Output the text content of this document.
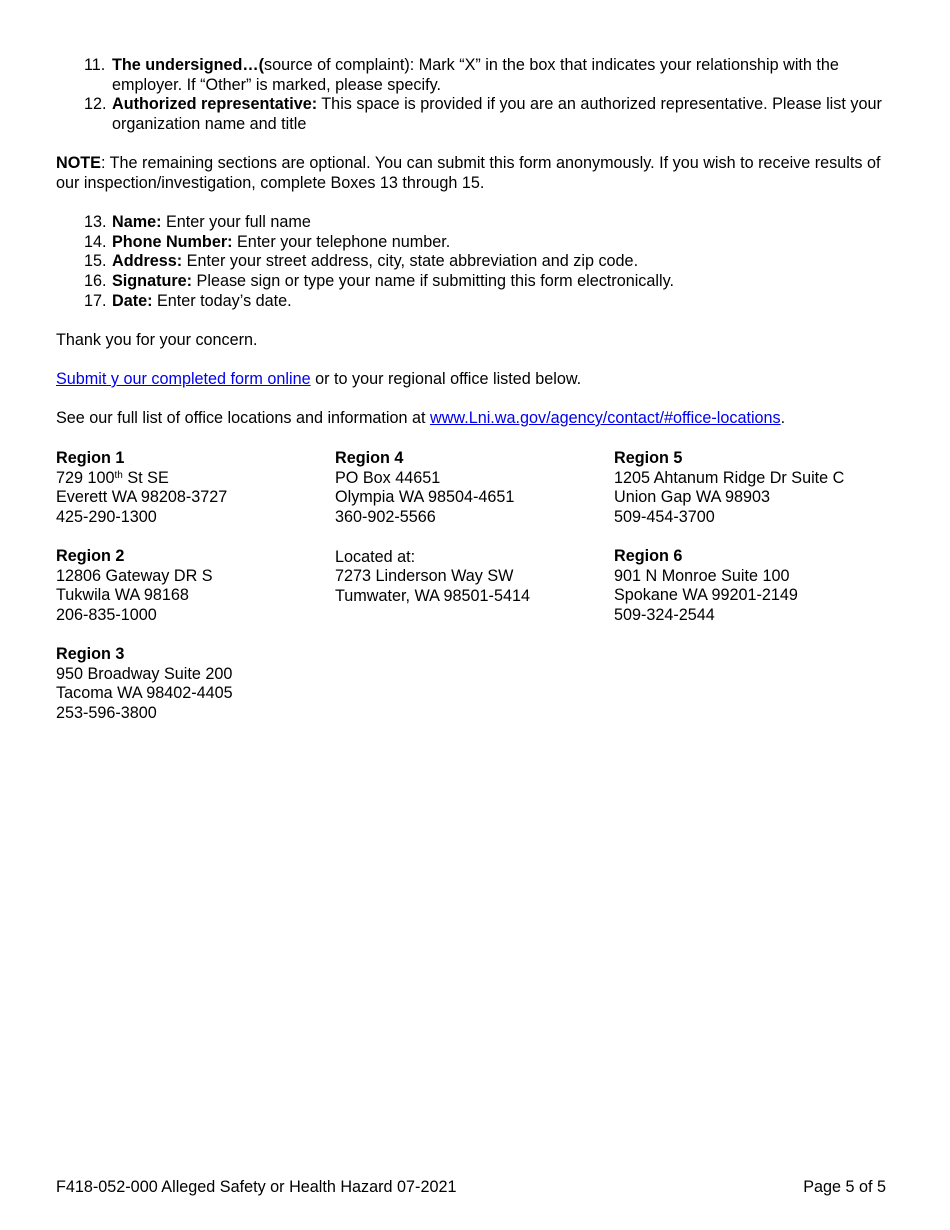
11. The undersigned…(source of complaint): Mark “X” in the box that indicates your relationship with the employer. If “Other” is marked, please specify.
12. Authorized representative: This space is provided if you are an authorized representative. Please list your organization name and title

NOTE: The remaining sections are optional. You can submit this form anonymously. If you wish to receive results of our inspection/investigation, complete Boxes 13 through 15.

13. Name: Enter your full name
14. Phone Number: Enter your telephone number.
15. Address: Enter your street address, city, state abbreviation and zip code.
16. Signature: Please sign or type your name if submitting this form electronically.
17. Date: Enter today’s date.

Thank you for your concern.

Submit y our completed form online or to your regional office listed below.

See our full list of office locations and information at www.Lni.wa.gov/agency/contact/#office-locations.

Region 1
729 100th St SE
Everett WA 98208-3727
425-290-1300
Region 2
12806 Gateway DR S
Tukwila WA 98168
206-835-1000
Region 3
950 Broadway Suite 200
Tacoma WA 98402-4405
253-596-3800
Region 4
PO Box 44651
Olympia WA 98504-4651
360-902-5566
Located at:
7273 Linderson Way SW
Tumwater, WA 98501-5414
Region 5
1205 Ahtanum Ridge Dr Suite C
Union Gap WA 98903
509-454-3700
Region 6
901 N Monroe Suite 100
Spokane WA 99201-2149
509-324-2544
F418-052-000 Alleged Safety or Health Hazard 07-2021	Page 5 of 5
